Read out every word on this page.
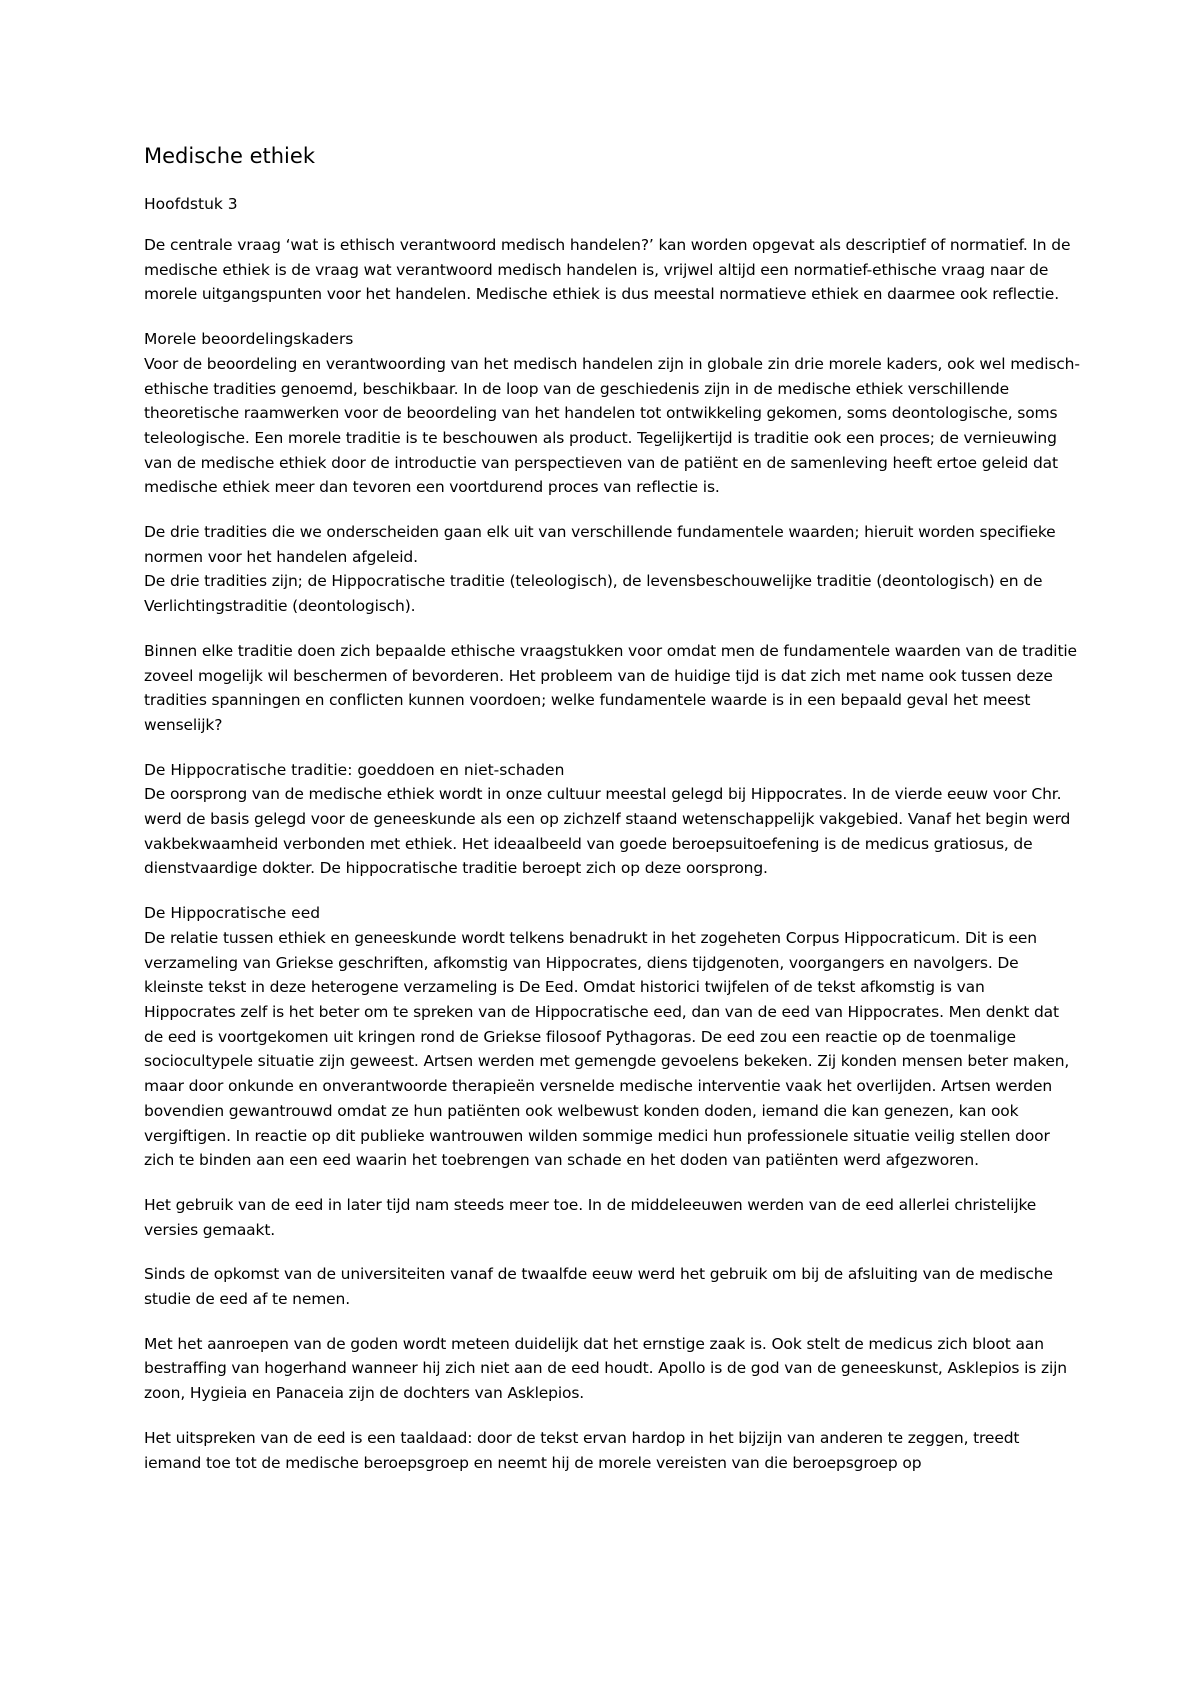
Medische ethiek
Hoofdstuk 3

De centrale vraag ‘wat is ethisch verantwoord medisch handelen?’ kan worden opgevat als descriptief of normatief. In de medische ethiek is de vraag wat verantwoord medisch handelen is, vrijwel altijd een normatief-ethische vraag naar de morele uitgangspunten voor het handelen. Medische ethiek is dus meestal normatieve ethiek en daarmee ook reflectie.

Morele beoordelingskaders

Voor de beoordeling en verantwoording van het medisch handelen zijn in globale zin drie morele kaders, ook wel medisch-ethische tradities genoemd, beschikbaar. In de loop van de geschiedenis zijn in de medische ethiek verschillende theoretische raamwerken voor de beoordeling van het handelen tot ontwikkeling gekomen, soms deontologische, soms teleologische. Een morele traditie is te beschouwen als product. Tegelijkertijd is traditie ook een proces; de vernieuwing van de medische ethiek door de introductie van perspectieven van de patiënt en de samenleving heeft ertoe geleid dat medische ethiek meer dan tevoren een voortdurend proces van reflectie is.

De drie tradities die we onderscheiden gaan elk uit van verschillende fundamentele waarden; hieruit worden specifieke normen voor het handelen afgeleid.

De drie tradities zijn; de Hippocratische traditie (teleologisch), de levensbeschouwelijke traditie (deontologisch) en de Verlichtingstraditie (deontologisch).

Binnen elke traditie doen zich bepaalde ethische vraagstukken voor omdat men de fundamentele waarden van de traditie zoveel mogelijk wil beschermen of bevorderen. Het probleem van de huidige tijd is dat zich met name ook tussen deze tradities spanningen en conflicten kunnen voordoen; welke fundamentele waarde is in een bepaald geval het meest wenselijk?

De Hippocratische traditie: goeddoen en niet-schaden

De oorsprong van de medische ethiek wordt in onze cultuur meestal gelegd bij Hippocrates. In de vierde eeuw voor Chr. werd de basis gelegd voor de geneeskunde als een op zichzelf staand wetenschappelijk vakgebied. Vanaf het begin werd vakbekwaamheid verbonden met ethiek. Het ideaalbeeld van goede beroepsuitoefening is de medicus gratiosus, de dienstvaardige dokter. De hippocratische traditie beroept zich op deze oorsprong.

De Hippocratische eed

De relatie tussen ethiek en geneeskunde wordt telkens benadrukt in het zogeheten Corpus Hippocraticum. Dit is een verzameling van Griekse geschriften, afkomstig van Hippocrates, diens tijdgenoten, voorgangers en navolgers. De kleinste tekst in deze heterogene verzameling is De Eed. Omdat historici twijfelen of de tekst afkomstig is van Hippocrates zelf is het beter om te spreken van de Hippocratische eed, dan van de eed van Hippocrates. Men denkt dat de eed is voortgekomen uit kringen rond de Griekse filosoof Pythagoras. De eed zou een reactie op de toenmalige sociocultурele situatie zijn geweest. Artsen werden met gemengde gevoelens bekeken. Zij konden mensen beter maken, maar door onkunde en onverantwoorde therapieën versnelde medische interventie vaak het overlijden. Artsen werden bovendien gewantrouwd omdat ze hun patiënten ook welbewust konden doden, iemand die kan genezen, kan ook vergiftigen. In reactie op dit publieke wantrouwen wilden sommige medici hun professionele situatie veilig stellen door zich te binden aan een eed waarin het toebrengen van schade en het doden van patiënten werd afgezworen.

Het gebruik van de eed in later tijd nam steeds meer toe. In de middeleeuwen werden van de eed allerlei christelijke versies gemaakt.

Sinds de opkomst van de universiteiten vanaf de twaalfde eeuw werd het gebruik om bij de afsluiting van de medische studie de eed af te nemen.

Met het aanroepen van de goden wordt meteen duidelijk dat het ernstige zaak is. Ook stelt de medicus zich bloot aan bestraffing van hogerhand wanneer hij zich niet aan de eed houdt. Apollo is de god van de geneeskunst, Asklepios is zijn zoon, Hygieia en Panaceia zijn de dochters van Asklepios.

Het uitspreken van de eed is een taaldaad: door de tekst ervan hardop in het bijzijn van anderen te zeggen, treedt iemand toe tot de medische beroepsgroep en neemt hij de morele vereisten van die beroepsgroep op
